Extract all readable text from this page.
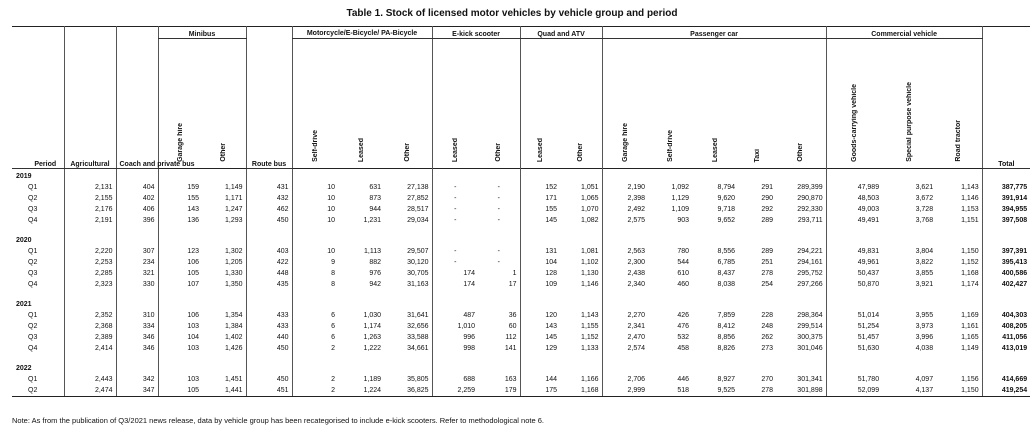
Table 1. Stock of licensed motor vehicles by vehicle group and period
Period	Agricultural	Coach and private bus	Minibus		Route bus	Motorcycle/E-Bicycle/ PA-Bicycle			E-kick scooter		Quad and ATV		Passenger car					Commercial vehicle			Total
			Garage hire	Other		Self-drive	Leased	Other	Leased	Other	Leased	Other	Garage hire	Self-drive	Leased	Taxi	Other	Goods-carrying vehicle	Special purpose vehicle	Road tractor	
2019																					
Q1	2,131	404	159	1,149	431	10	631	27,138	-	-	152	1,051	2,190	1,092	8,794	291	289,399	47,989	3,621	1,143	387,775
Q2	2,155	402	155	1,171	432	10	873	27,852	-	-	171	1,065	2,398	1,129	9,620	290	290,870	48,503	3,672	1,146	391,914
Q3	2,176	406	143	1,247	462	10	944	28,517	-	-	155	1,070	2,492	1,109	9,718	292	292,330	49,003	3,728	1,153	394,955
Q4	2,191	396	136	1,293	450	10	1,231	29,034	-	-	145	1,082	2,575	903	9,652	289	293,711	49,491	3,768	1,151	397,508

2020																					
Q1	2,220	307	123	1,302	403	10	1,113	29,507	-	-	131	1,081	2,563	780	8,556	289	294,221	49,831	3,804	1,150	397,391
Q2	2,253	234	106	1,205	422	9	882	30,120	-	-	104	1,102	2,300	544	6,785	251	294,161	49,961	3,822	1,152	395,413
Q3	2,285	321	105	1,330	448	8	976	30,705	174	1	128	1,130	2,438	610	8,437	278	295,752	50,437	3,855	1,168	400,586
Q4	2,323	330	107	1,350	435	8	942	31,163	174	17	109	1,146	2,340	460	8,038	254	297,266	50,870	3,921	1,174	402,427

2021																					
Q1	2,352	310	106	1,354	433	6	1,030	31,641	487	36	120	1,143	2,270	426	7,859	228	298,364	51,014	3,955	1,169	404,303
Q2	2,368	334	103	1,384	433	6	1,174	32,656	1,010	60	143	1,155	2,341	476	8,412	248	299,514	51,254	3,973	1,161	408,205
Q3	2,389	346	104	1,402	440	6	1,263	33,588	996	112	145	1,152	2,470	532	8,856	262	300,375	51,457	3,996	1,165	411,056
Q4	2,414	346	103	1,426	450	2	1,222	34,661	998	141	129	1,133	2,574	458	8,826	273	301,046	51,630	4,038	1,149	413,019

2022																					
Q1	2,443	342	103	1,451	450	2	1,189	35,805	688	163	144	1,166	2,706	446	8,927	270	301,341	51,780	4,097	1,156	414,669
Q2	2,474	347	105	1,441	451	2	1,224	36,825	2,259	179	175	1,168	2,999	518	9,525	278	301,898	52,099	4,137	1,150	419,254
Note: As from the publication of Q3/2021 news release, data by vehicle group has been recategorised to include e-kick scooters. Refer to methodological note 6.
